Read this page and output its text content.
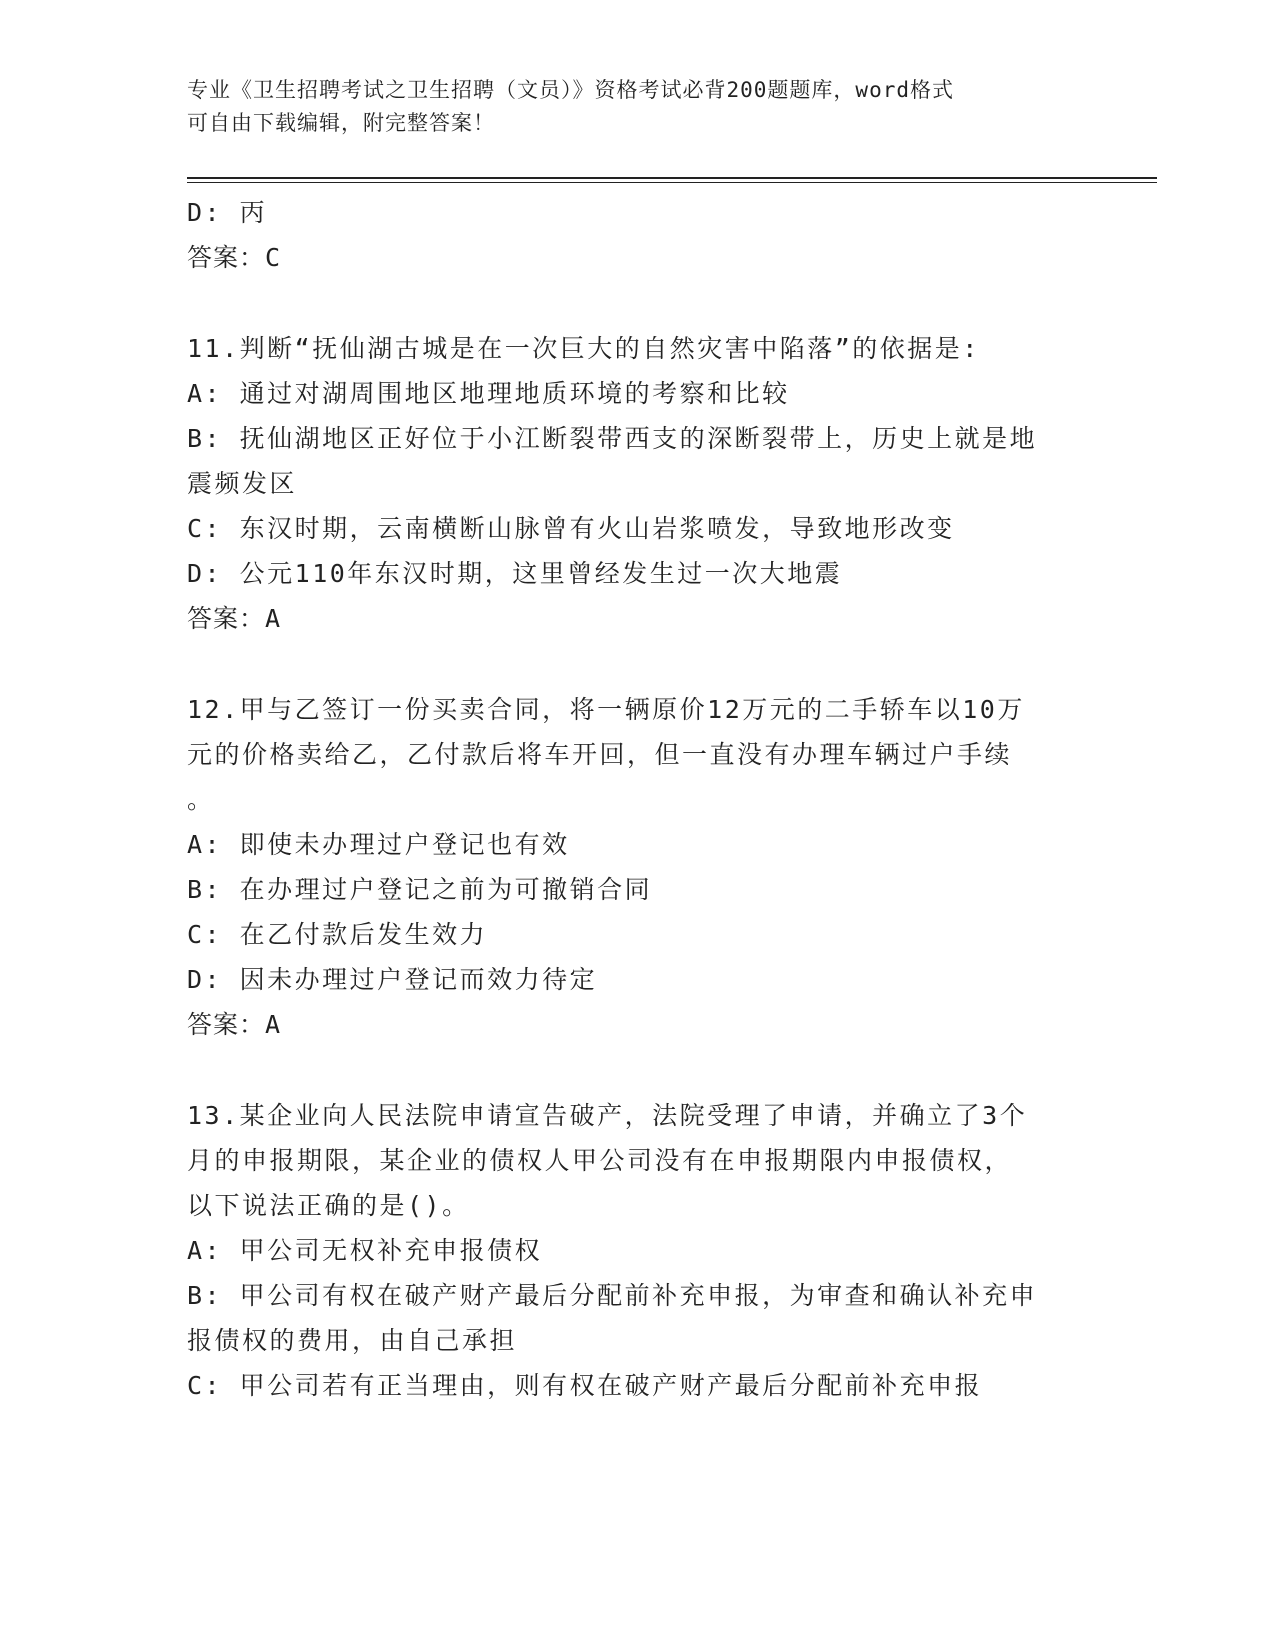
专业《卫生招聘考试之卫生招聘（文员）》资格考试必背200题题库，word格式
可自由下载编辑，附完整答案！
D: 丙
答案：C
11.判断“抚仙湖古城是在一次巨大的自然灾害中陷落”的依据是:
A: 通过对湖周围地区地理地质环境的考察和比较
B: 抚仙湖地区正好位于小江断裂带西支的深断裂带上，历史上就是地
震频发区
C: 东汉时期，云南横断山脉曾有火山岩浆喷发，导致地形改变
D: 公元110年东汉时期，这里曾经发生过一次大地震
答案：A
12.甲与乙签订一份买卖合同，将一辆原价12万元的二手轿车以10万
元的价格卖给乙，乙付款后将车开回，但一直没有办理车辆过户手续
。
A: 即使未办理过户登记也有效
B: 在办理过户登记之前为可撤销合同
C: 在乙付款后发生效力
D: 因未办理过户登记而效力待定
答案：A
13.某企业向人民法院申请宣告破产，法院受理了申请，并确立了3个
月的申报期限，某企业的债权人甲公司没有在申报期限内申报债权，
以下说法正确的是()。
A: 甲公司无权补充申报债权
B: 甲公司有权在破产财产最后分配前补充申报，为审查和确认补充申
报债权的费用，由自己承担
C: 甲公司若有正当理由，则有权在破产财产最后分配前补充申报
